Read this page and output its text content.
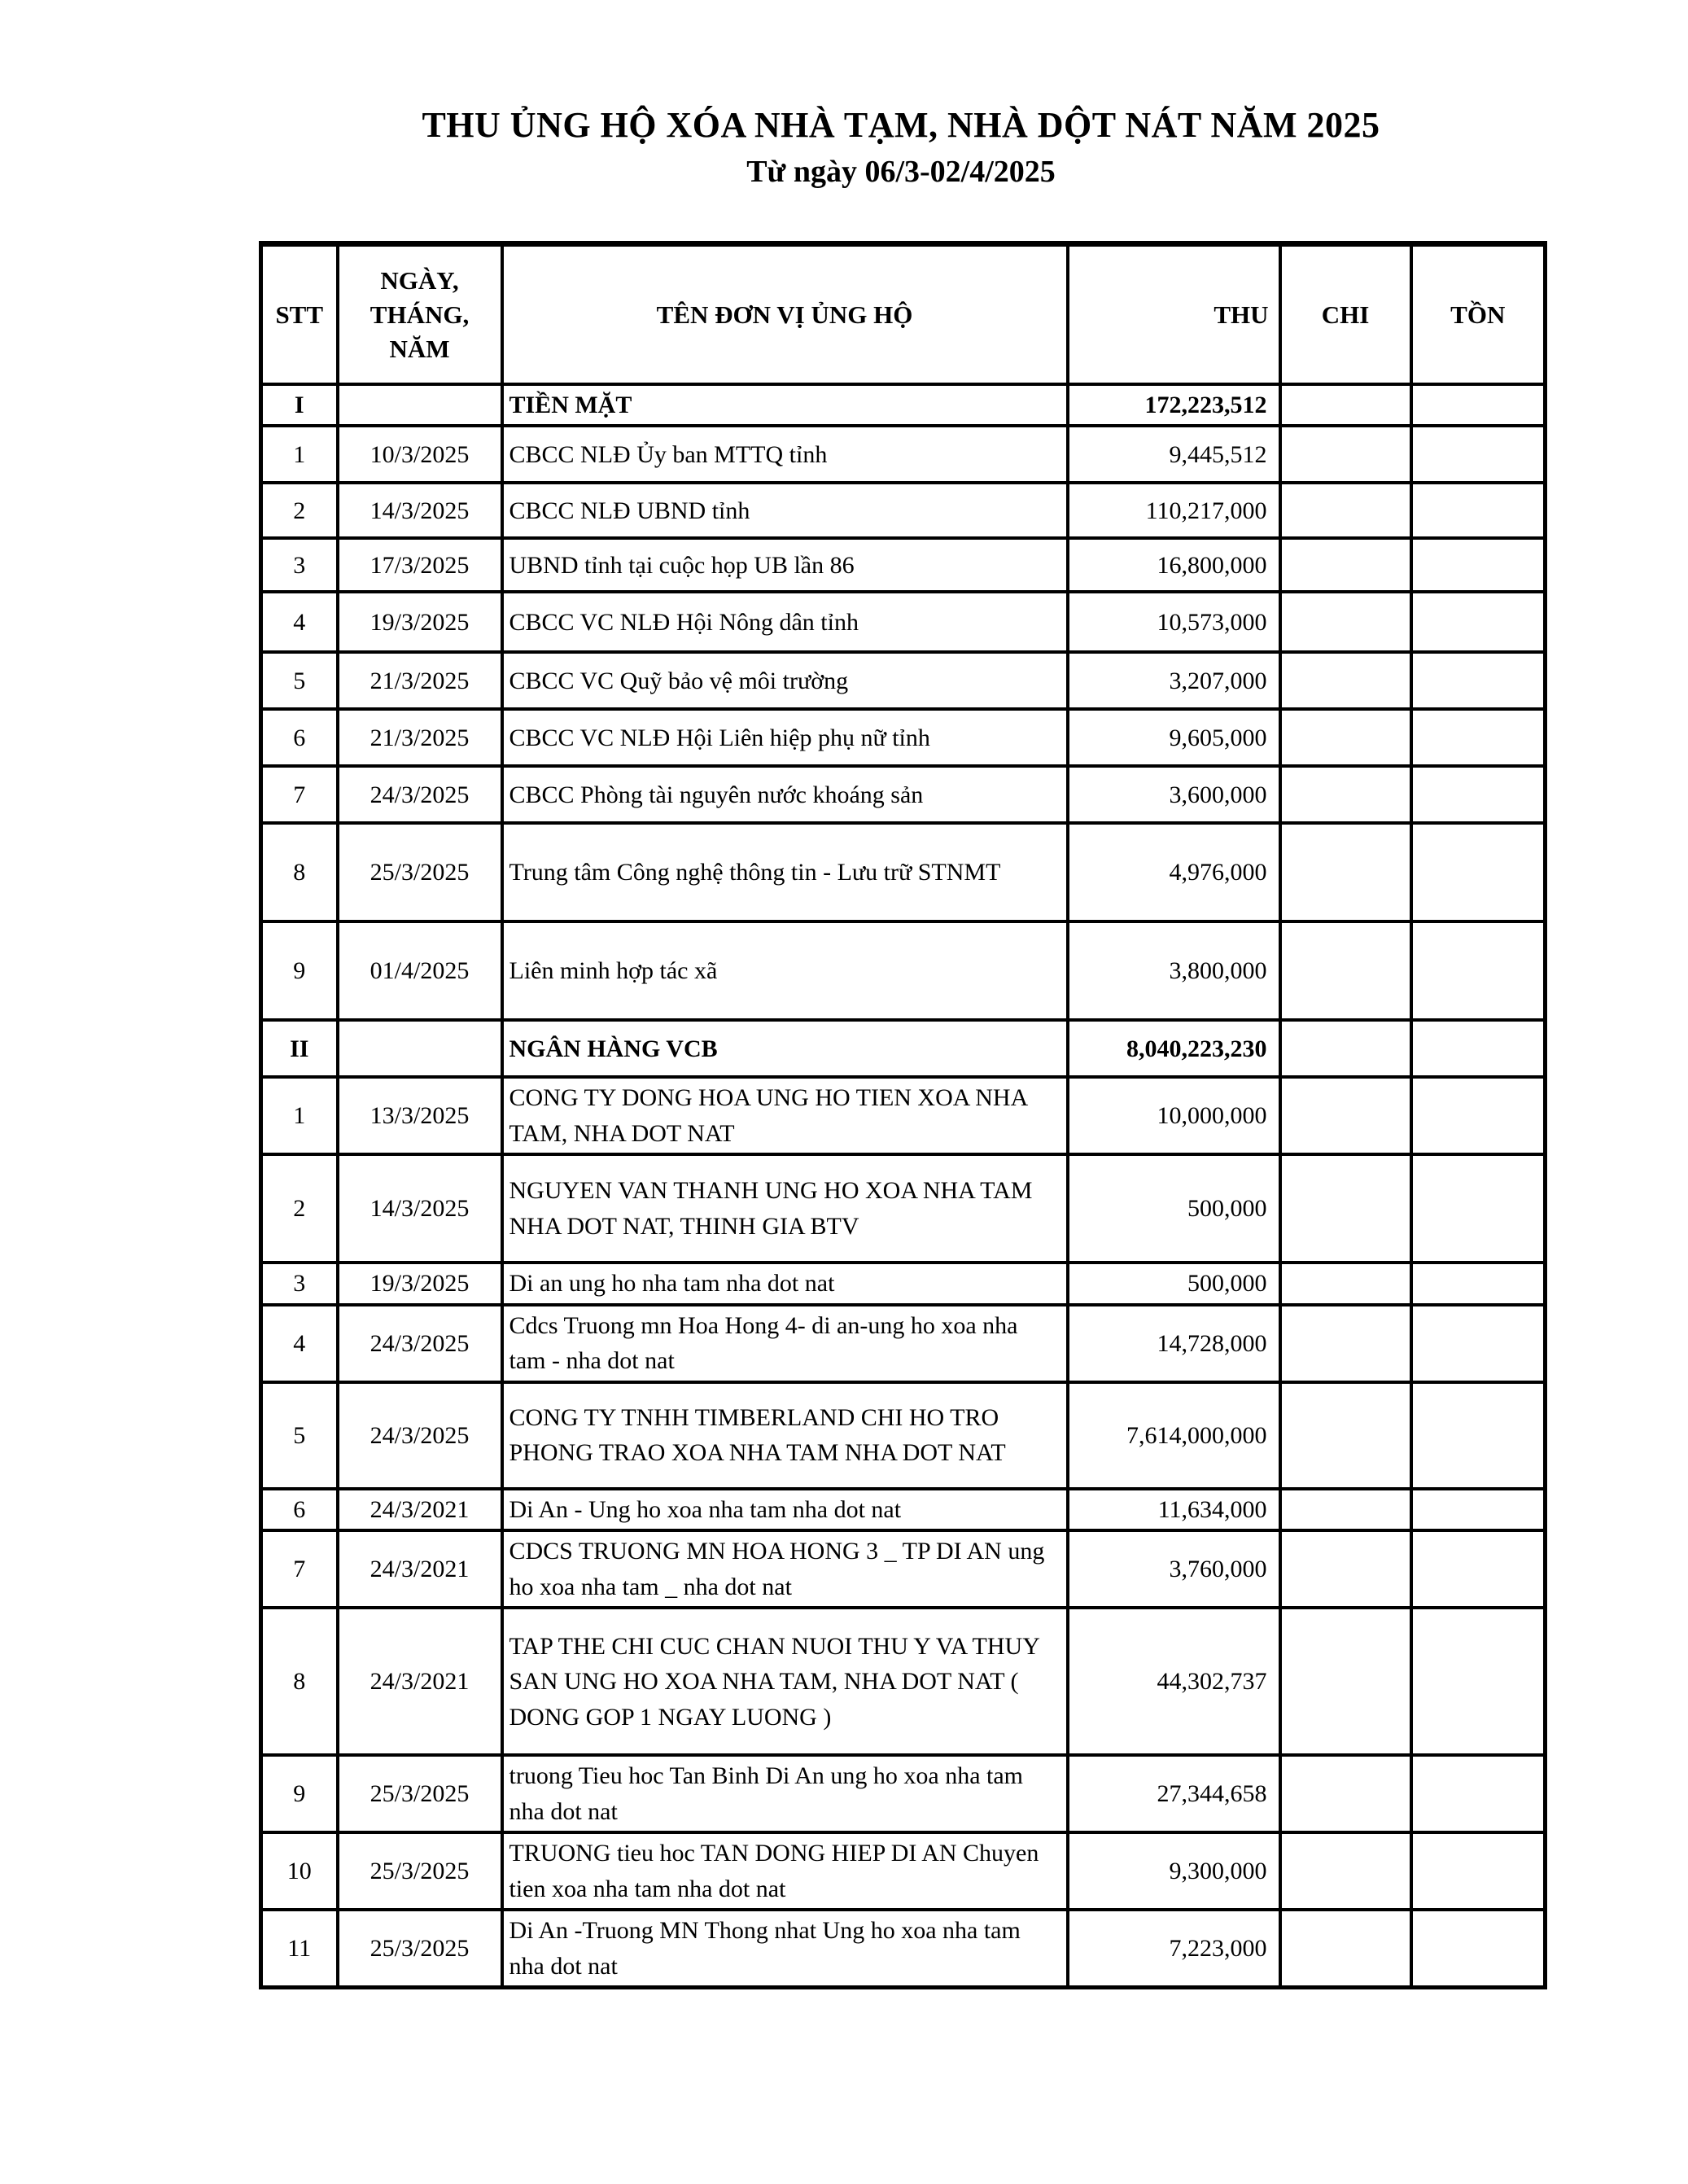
THU ỦNG HỘ XÓA NHÀ TẠM, NHÀ DỘT NÁT NĂM 2025
Từ ngày 06/3-02/4/2025
STT	NGÀY, THÁNG, NĂM	TÊN ĐƠN VỊ ỦNG HỘ	THU	CHI	TỒN
I		TIỀN MẶT	172,223,512		
1	10/3/2025	CBCC NLĐ Ủy ban MTTQ tỉnh	9,445,512		
2	14/3/2025	CBCC NLĐ UBND tỉnh	110,217,000		
3	17/3/2025	UBND tỉnh tại cuộc họp UB lần 86	16,800,000		
4	19/3/2025	CBCC VC NLĐ Hội Nông dân tỉnh	10,573,000		
5	21/3/2025	CBCC VC Quỹ bảo vệ môi trường	3,207,000		
6	21/3/2025	CBCC VC NLĐ Hội Liên hiệp phụ nữ tỉnh	9,605,000		
7	24/3/2025	CBCC Phòng tài nguyên nước khoáng sản	3,600,000		
8	25/3/2025	Trung tâm Công nghệ thông tin - Lưu trữ STNMT	4,976,000		
9	01/4/2025	Liên minh hợp tác xã	3,800,000		
II		NGÂN HÀNG VCB	8,040,223,230		
1	13/3/2025	CONG TY DONG HOA UNG HO TIEN XOA NHA TAM, NHA DOT NAT	10,000,000		
2	14/3/2025	NGUYEN VAN THANH UNG HO XOA NHA TAM NHA DOT NAT, THINH GIA BTV	500,000		
3	19/3/2025	Di an ung ho nha tam nha dot nat	500,000		
4	24/3/2025	Cdcs Truong mn Hoa Hong 4- di an-ung ho xoa nha tam - nha dot nat	14,728,000		
5	24/3/2025	CONG TY TNHH TIMBERLAND CHI HO TRO PHONG TRAO XOA NHA TAM NHA DOT NAT	7,614,000,000		
6	24/3/2021	Di An - Ung ho xoa nha tam nha dot nat	11,634,000		
7	24/3/2021	CDCS TRUONG MN HOA HONG 3 _ TP DI AN ung ho xoa nha tam _ nha dot nat	3,760,000		
8	24/3/2021	TAP THE CHI CUC CHAN NUOI THU Y VA THUY SAN UNG HO XOA NHA TAM, NHA DOT NAT ( DONG GOP 1 NGAY LUONG )	44,302,737		
9	25/3/2025	truong Tieu hoc Tan Binh Di An ung ho xoa nha tam nha dot nat	27,344,658		
10	25/3/2025	TRUONG tieu hoc TAN DONG HIEP DI AN Chuyen tien xoa nha tam nha dot nat	9,300,000		
11	25/3/2025	Di An -Truong MN Thong nhat Ung ho xoa nha tam nha dot nat	7,223,000		
